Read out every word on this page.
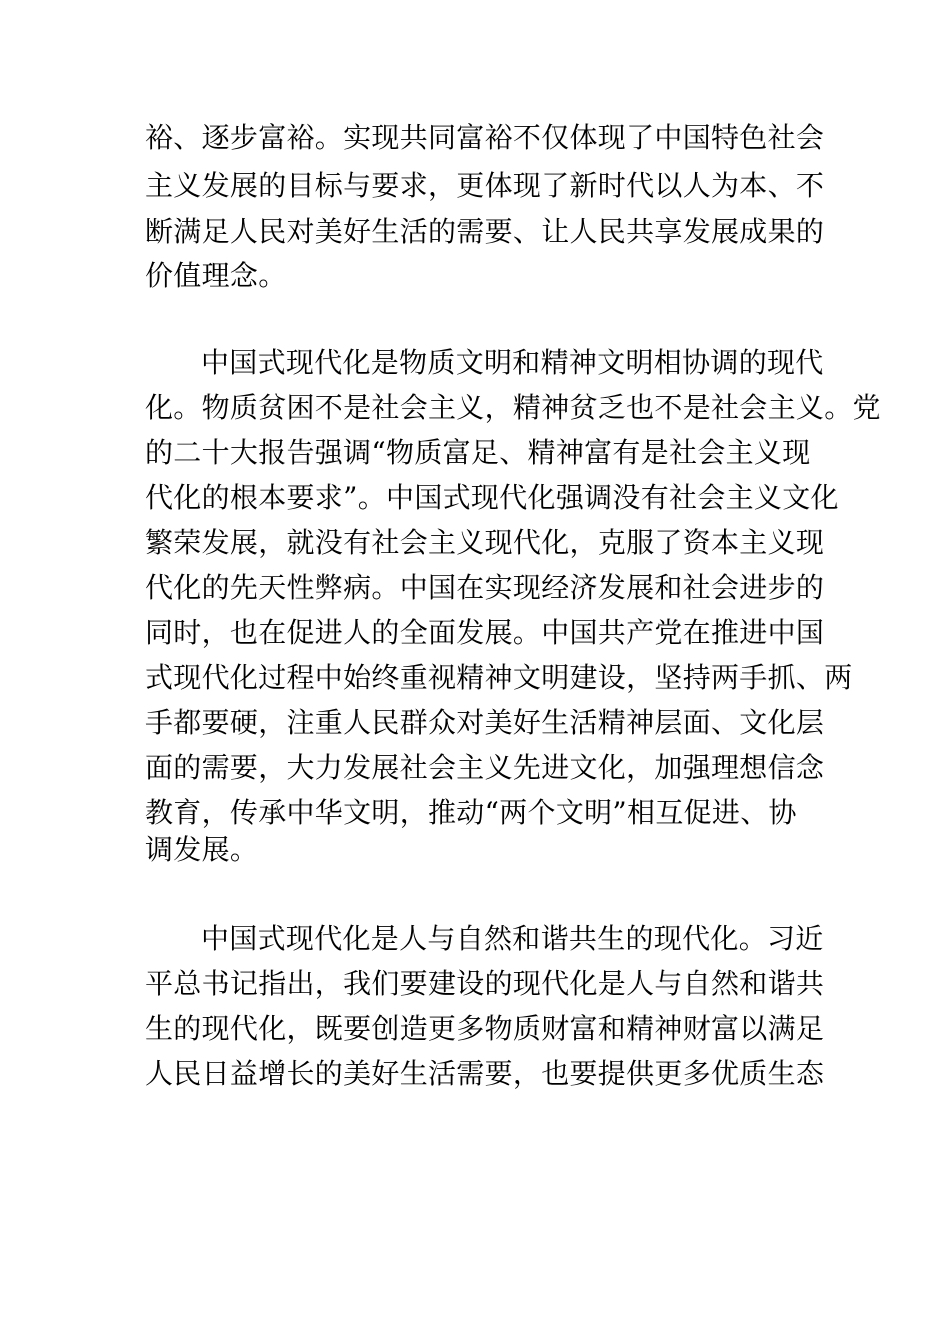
裕、逐步富裕。实现共同富裕不仅体现了中国特色社会
主义发展的目标与要求，更体现了新时代以人为本、不
断满足人民对美好生活的需要、让人民共享发展成果的
价值理念。
中国式现代化是物质文明和精神文明相协调的现代
化。物质贫困不是社会主义，精神贫乏也不是社会主义。党
的二十大报告强调“物质富足、精神富有是社会主义现
代化的根本要求”。中国式现代化强调没有社会主义文化
繁荣发展，就没有社会主义现代化，克服了资本主义现
代化的先天性弊病。中国在实现经济发展和社会进步的
同时，也在促进人的全面发展。中国共产党在推进中国
式现代化过程中始终重视精神文明建设，坚持两手抓、两
手都要硬，注重人民群众对美好生活精神层面、文化层
面的需要，大力发展社会主义先进文化，加强理想信念
教育，传承中华文明，推动“两个文明”相互促进、协
调发展。
中国式现代化是人与自然和谐共生的现代化。习近
平总书记指出，我们要建设的现代化是人与自然和谐共
生的现代化，既要创造更多物质财富和精神财富以满足
人民日益增长的美好生活需要，也要提供更多优质生态
